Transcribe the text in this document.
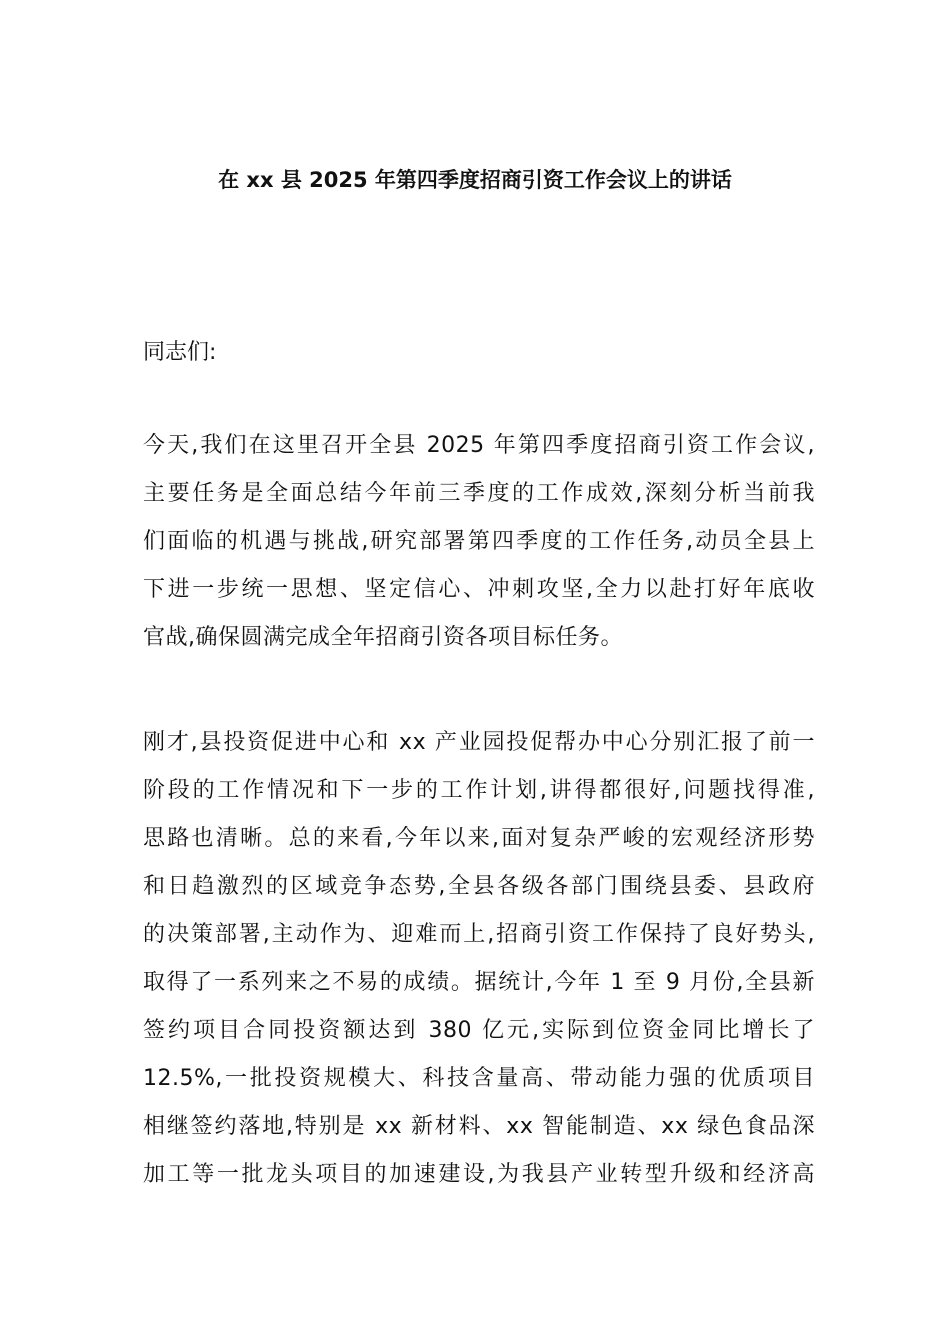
在 xx 县 2025 年第四季度招商引资工作会议上的讲话

同志们:

今天,我们在这里召开全县 2025 年第四季度招商引资工作会议,
主要任务是全面总结今年前三季度的工作成效,深刻分析当前我
们面临的机遇与挑战,研究部署第四季度的工作任务,动员全县上
下进一步统一思想、坚定信心、冲刺攻坚,全力以赴打好年底收
官战,确保圆满完成全年招商引资各项目标任务。
刚才,县投资促进中心和 xx 产业园投促帮办中心分别汇报了前一
阶段的工作情况和下一步的工作计划,讲得都很好,问题找得准,
思路也清晰。总的来看,今年以来,面对复杂严峻的宏观经济形势
和日趋激烈的区域竞争态势,全县各级各部门围绕县委、县政府
的决策部署,主动作为、迎难而上,招商引资工作保持了良好势头,
取得了一系列来之不易的成绩。据统计,今年 1 至 9 月份,全县新
签约项目合同投资额达到 380 亿元,实际到位资金同比增长了
12.5%,一批投资规模大、科技含量高、带动能力强的优质项目
相继签约落地,特别是 xx 新材料、xx 智能制造、xx 绿色食品深
加工等一批龙头项目的加速建设,为我县产业转型升级和经济高
